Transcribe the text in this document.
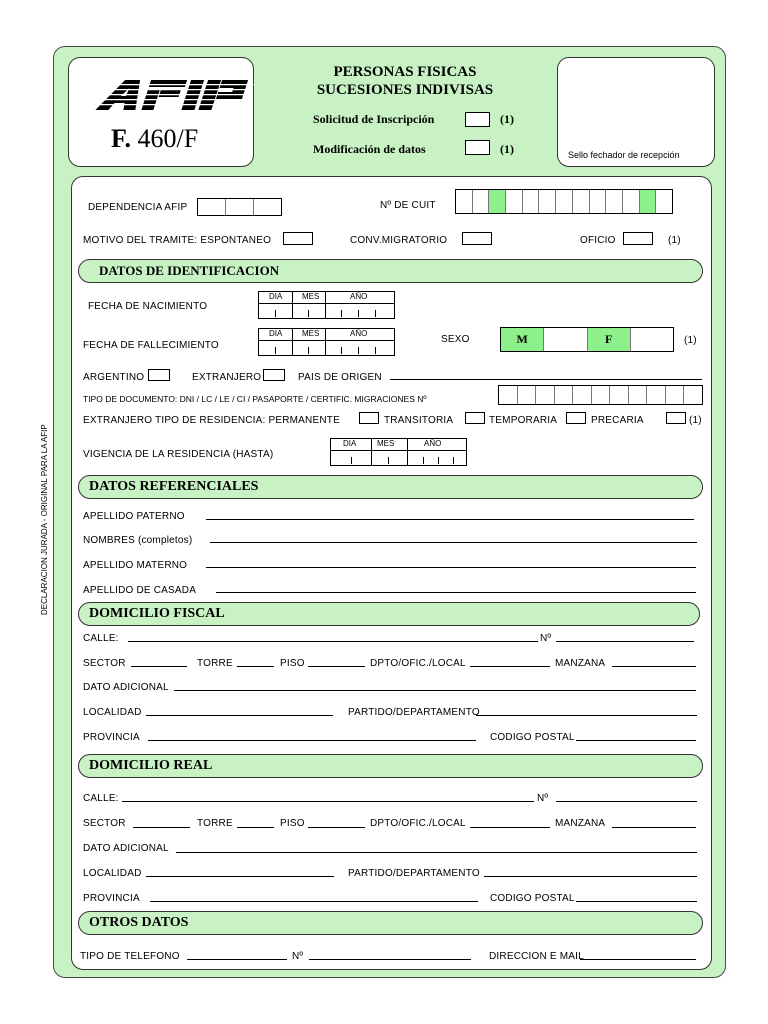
DECLARACION JURADA - ORIGINAL PARA LA AFIP
F. 460/F
PERSONAS FISICAS
SUCESIONES INDIVISAS
Solicitud de Inscripción	(1)
Modificación de datos	(1)	Sello fechador de recepción
DEPENDENCIA AFIP	Nº DE CUIT
MOTIVO DEL TRAMITE: ESPONTANEO	CONV.MIGRATORIO	OFICIO	(1)
DATOS DE IDENTIFICACION
FECHA DE NACIMIENTO
DIA MES	AÑO
FECHA DE FALLECIMIENTO
DIA MES	AÑO
SEXO	M	F	(1)
ARGENTINO	EXTRANJERO	PAIS DE ORIGEN
TIPO DE DOCUMENTO: DNI / LC / LE / CI / PASAPORTE / CERTIFIC. MIGRACIONES Nº
EXTRANJERO TIPO DE RESIDENCIA: PERMANENTE	TRANSITORIA	TEMPORARIA	PRECARIA	(1)
VIGENCIA DE LA RESIDENCIA (HASTA)
DIA	MES	AÑO
DATOS REFERENCIALES
APELLIDO PATERNO
NOMBRES (completos)
APELLIDO MATERNO
APELLIDO DE CASADA
DOMICILIO FISCAL
CALLE:	Nº
SECTOR	TORRE	PISO	DPTO/OFIC./LOCAL	MANZANA
DATO ADICIONAL
LOCALIDAD	PARTIDO/DEPARTAMENTO
PROVINCIA	CODIGO POSTAL
DOMICILIO REAL
CALLE:	Nº
SECTOR	TORRE	PISO	DPTO/OFIC./LOCAL	MANZANA
DATO ADICIONAL
LOCALIDAD	PARTIDO/DEPARTAMENTO
PROVINCIA	CODIGO POSTAL
OTROS DATOS
TIPO DE TELEFONO	Nº	DIRECCION E MAIL
